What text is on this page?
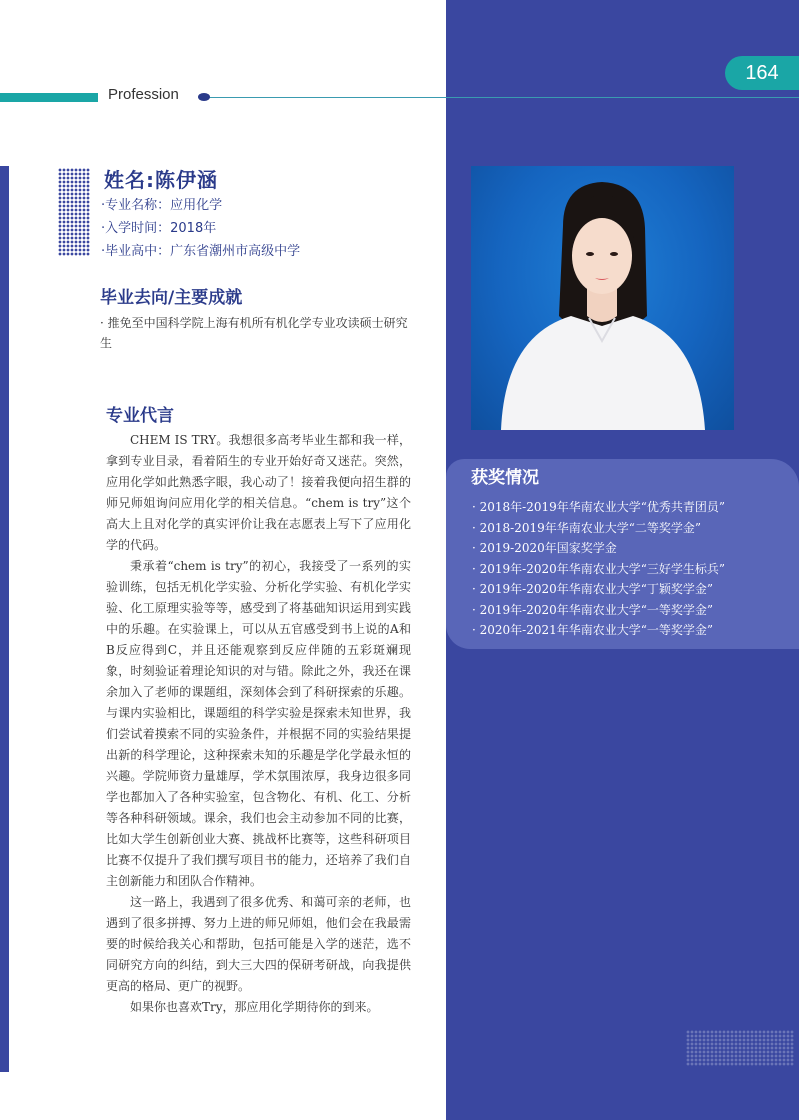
Profession
164
姓名:陈伊涵
·专业名称：应用化学
·入学时间：2018年
·毕业高中：广东省潮州市高级中学
毕业去向/主要成就
· 推免至中国科学院上海有机所有机化学专业攻读硕士研究生
专业代言

CHEM IS TRY。我想很多高考毕业生都和我一样，拿到专业目录，看着陌生的专业开始好奇又迷茫。突然，应用化学如此熟悉字眼，我心动了！接着我便向招生群的师兄师姐询问应用化学的相关信息。“chem is try”这个高大上且对化学的真实评价让我在志愿表上写下了应用化学的代码。

秉承着“chem is try”的初心，我接受了一系列的实验训练，包括无机化学实验、分析化学实验、有机化学实验、化工原理实验等等，感受到了将基础知识运用到实践中的乐趣。在实验课上，可以从五官感受到书上说的A和B反应得到C，并且还能观察到反应伴随的五彩斑斓现象，时刻验证着理论知识的对与错。除此之外，我还在课余加入了老师的课题组，深刻体会到了科研探索的乐趣。与课内实验相比，课题组的科学实验是探索未知世界，我们尝试着摸索不同的实验条件，并根据不同的实验结果提出新的科学理论，这种探索未知的乐趣是学化学最永恒的兴趣。学院师资力量雄厚，学术氛围浓厚，我身边很多同学也都加入了各种实验室，包含物化、有机、化工、分析等各种科研领域。课余，我们也会主动参加不同的比赛，比如大学生创新创业大赛、挑战杯比赛等，这些科研项目比赛不仅提升了我们撰写项目书的能力，还培养了我们自主创新能力和团队合作精神。

这一路上，我遇到了很多优秀、和蔼可亲的老师，也遇到了很多拼搏、努力上进的师兄师姐，他们会在我最需要的时候给我关心和帮助，包括可能是入学的迷茫，选不同研究方向的纠结，到大三大四的保研考研战，向我提供更高的格局、更广的视野。

如果你也喜欢Try，那应用化学期待你的到来。

获奖情况
· 2018年-2019年华南农业大学“优秀共青团员”
· 2018-2019年华南农业大学“二等奖学金”
· 2019-2020年国家奖学金
· 2019年-2020年华南农业大学“三好学生标兵”
· 2019年-2020年华南农业大学“丁颖奖学金”
· 2019年-2020年华南农业大学“一等奖学金”
· 2020年-2021年华南农业大学“一等奖学金”
